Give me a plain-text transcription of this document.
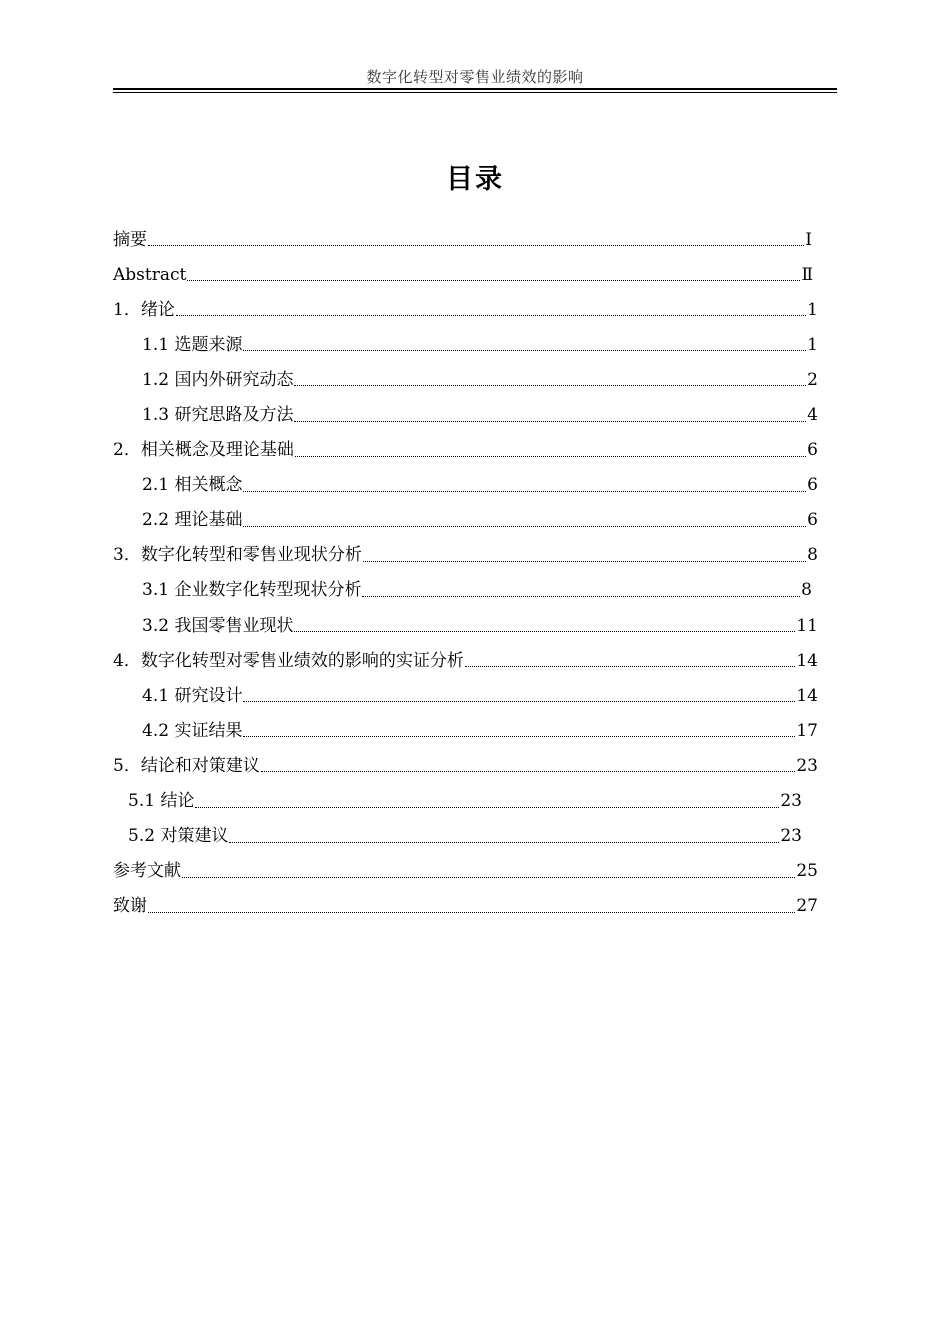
数字化转型对零售业绩效的影响
目录
摘要	I
Abstract	Ⅱ
1．绪论	1
1.1 选题来源	1
1.2 国内外研究动态	2
1.3 研究思路及方法	4
2．相关概念及理论基础	6
2.1 相关概念	6
2.2 理论基础	6
3．数字化转型和零售业现状分析	8
3.1 企业数字化转型现状分析	8
3.2 我国零售业现状	11
4．数字化转型对零售业绩效的影响的实证分析	14
4.1 研究设计	14
4.2 实证结果	17
5．结论和对策建议	23
5.1 结论	23
5.2 对策建议	23
参考文献	25
致谢	27
